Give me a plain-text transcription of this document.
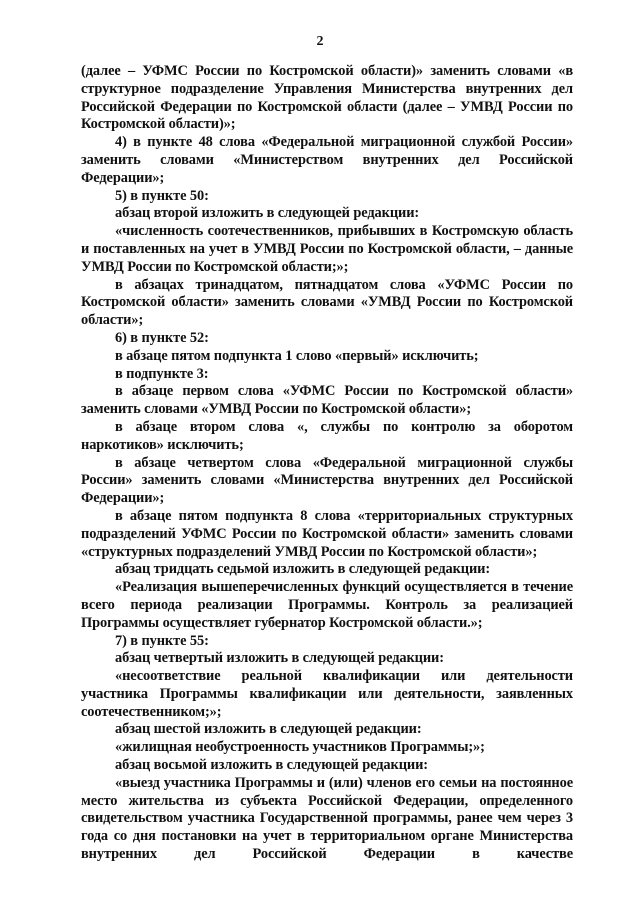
2

(далее – УФМС России по Костромской области)» заменить словами «в структурное подразделение Управления Министерства внутренних дел Российской Федерации по Костромской области (далее – УМВД России по Костромской области)»;

4) в пункте 48 слова «Федеральной миграционной службой России» заменить словами «Министерством внутренних дел Российской Федерации»;

5) в пункте 50:

абзац второй изложить в следующей редакции:

«численность соотечественников, прибывших в Костромскую область и поставленных на учет в УМВД России по Костромской области, – данные УМВД России по Костромской области;»;

в абзацах тринадцатом, пятнадцатом слова «УФМС России по Костромской области» заменить словами «УМВД России по Костромской области»;

6) в пункте 52:

в абзаце пятом подпункта 1 слово «первый» исключить;

в подпункте 3:

в абзаце первом слова «УФМС России по Костромской области» заменить словами «УМВД России по Костромской области»;

в абзаце втором слова «, службы по контролю за оборотом наркотиков» исключить;

в абзаце четвертом слова «Федеральной миграционной службы России» заменить словами «Министерства внутренних дел Российской Федерации»;

в абзаце пятом подпункта 8 слова «территориальных структурных подразделений УФМС России по Костромской области» заменить словами «структурных подразделений УМВД России по Костромской области»;

абзац тридцать седьмой изложить в следующей редакции:

«Реализация вышеперечисленных функций осуществляется в течение всего периода реализации Программы. Контроль за реализацией Программы осуществляет губернатор Костромской области.»;

7) в пункте 55:

абзац четвертый изложить в следующей редакции:

«несоответствие реальной квалификации или деятельности участника Программы квалификации или деятельности, заявленных соотечественником;»;

абзац шестой изложить в следующей редакции:

«жилищная необустроенность участников Программы;»;

абзац восьмой изложить в следующей редакции:

«выезд участника Программы и (или) членов его семьи на постоянное место жительства из субъекта Российской Федерации, определенного свидетельством участника Государственной программы, ранее чем через 3 года со дня постановки на учет в территориальном органе Министерства внутренних дел Российской Федерации в качестве
